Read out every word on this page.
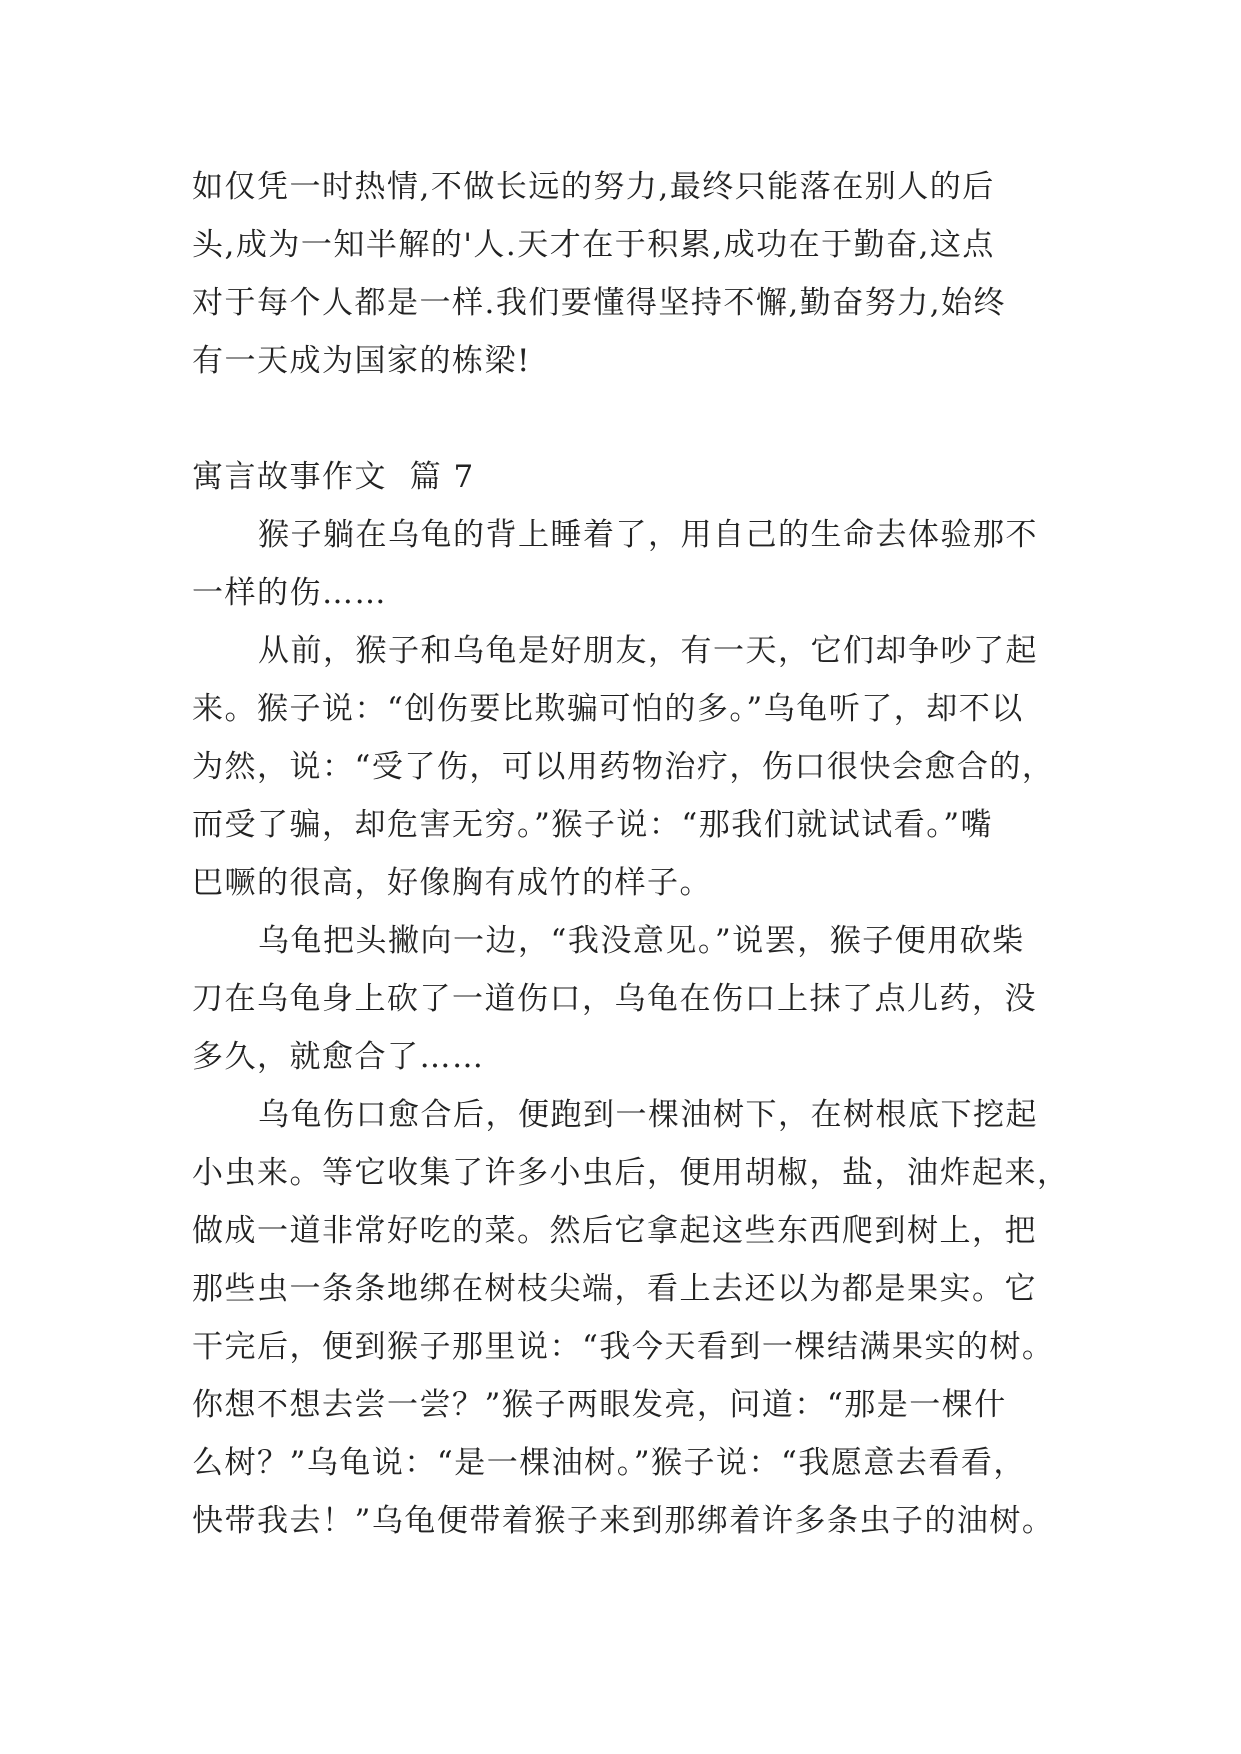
如仅凭一时热情,不做长远的努力,最终只能落在别人的后
头,成为一知半解的'人.天才在于积累,成功在于勤奋,这点
对于每个人都是一样.我们要懂得坚持不懈,勤奋努力,始终
有一天成为国家的栋梁!
寓言故事作文  篇 7
猴子躺在乌龟的背上睡着了，用自己的生命去体验那不
一样的伤……
从前，猴子和乌龟是好朋友，有一天，它们却争吵了起
来。猴子说：“创伤要比欺骗可怕的多。”乌龟听了，却不以
为然，说：“受了伤，可以用药物治疗，伤口很快会愈合的，
而受了骗，却危害无穷。”猴子说：“那我们就试试看。”嘴
巴噘的很高，好像胸有成竹的样子。
乌龟把头撇向一边，“我没意见。”说罢，猴子便用砍柴
刀在乌龟身上砍了一道伤口，乌龟在伤口上抹了点儿药，没
多久，就愈合了……
乌龟伤口愈合后，便跑到一棵油树下，在树根底下挖起
小虫来。等它收集了许多小虫后，便用胡椒，盐，油炸起来，
做成一道非常好吃的菜。然后它拿起这些东西爬到树上，把
那些虫一条条地绑在树枝尖端，看上去还以为都是果实。它
干完后，便到猴子那里说：“我今天看到一棵结满果实的树。
你想不想去尝一尝？”猴子两眼发亮，问道：“那是一棵什
么树？”乌龟说：“是一棵油树。”猴子说：“我愿意去看看，
快带我去！”乌龟便带着猴子来到那绑着许多条虫子的油树。
